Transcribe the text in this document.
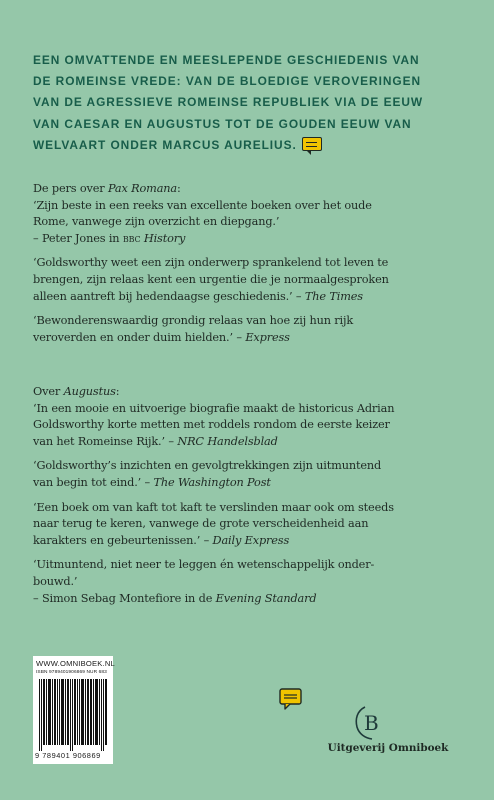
EEN OMVATTENDE EN MEESLEPENDE GESCHIEDENIS VAN
DE ROMEINSE VREDE: VAN DE BLOEDIGE VEROVERINGEN
VAN DE AGRESSIEVE ROMEINSE REPUBLIEK VIA DE EEUW
VAN CAESAR EN AUGUSTUS TOT DE GOUDEN EEUW VAN
WELVAART ONDER MARCUS AURELIUS.
De pers over Pax Romana:
‘Zijn beste in een reeks van excellente boeken over het oude
Rome, vanwege zijn overzicht en diepgang.’
– Peter Jones in bbc History
‘Goldsworthy weet een zijn onderwerp sprankelend tot leven te
brengen, zijn relaas kent een urgentie die je normaalgesproken
alleen aantreft bij hedendaagse geschiedenis.’ – The Times
‘Bewonderenswaardig grondig relaas van hoe zij hun rijk
veroverden en onder duim hielden.’ – Express
Over Augustus:
‘In een mooie en uitvoerige biografie maakt de historicus Adrian
Goldsworthy korte metten met roddels rondom de eerste keizer
van het Romeinse Rijk.’ – NRC Handelsblad
‘Goldsworthy’s inzichten en gevolgtrekkingen zijn uitmuntend
van begin tot eind.’ – The Washington Post
‘Een boek om van kaft tot kaft te verslinden maar ook om steeds
naar terug te keren, vanwege de grote verscheidenheid aan
karakters en gebeurtenissen.’ – Daily Express
‘Uitmuntend, niet neer te leggen én wetenschappelijk onder-
bouwd.’
– Simon Sebag Montefiore in de Evening Standard
WWW.OMNIBOEK.NL
ISBN 9789401906869 NUR 683
9 789401 906869
B
Uitgeverij Omniboek
